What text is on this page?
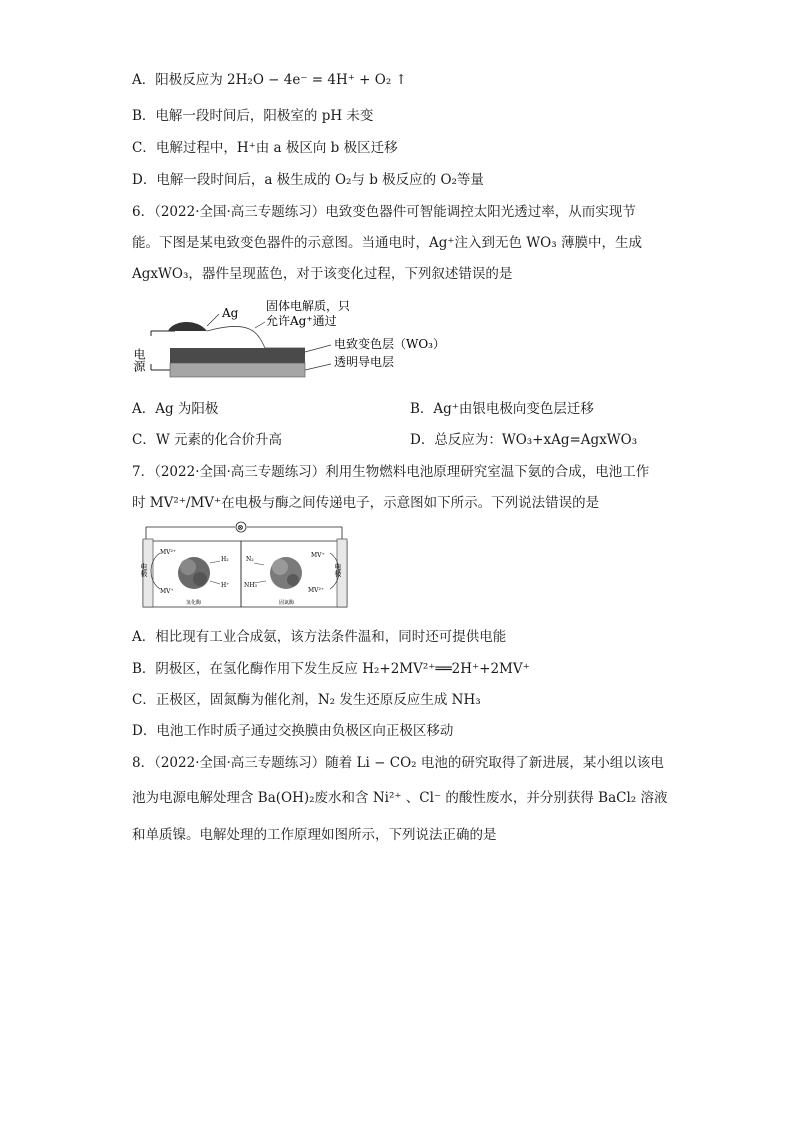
A．阳极反应为 2H₂O − 4e⁻ = 4H⁺ + O₂ ↑
B．电解一段时间后，阳极室的 pH 未变
C．电解过程中，H⁺由 a 极区向 b 极区迁移
D．电解一段时间后，a 极生成的 O₂与 b 极反应的 O₂等量
6．（2022·全国·高三专题练习）电致变色器件可智能调控太阳光透过率，从而实现节
能。下图是某电致变色器件的示意图。当通电时，Ag⁺注入到无色 WO₃ 薄膜中，生成
AgxWO₃，器件呈现蓝色，对于该变化过程，下列叙述错误的是
Ag 固体电解质，只
允许Ag⁺通过
电致变色层（WO₃）
透明导电层
电源
A．Ag 为阳极	B．Ag⁺由银电极向变色层迁移
C．W 元素的化合价升高	D．总反应为：WO₃+xAg=AgxWO₃
7．（2022·全国·高三专题练习）利用生物燃料电池原理研究室温下氨的合成，电池工作
时 MV²⁺/MV⁺在电极与酶之间传递电子，示意图如下所示。下列说法错误的是
⊗
电极	电极
MV²⁺
MV⁺
H₂
H⁺
氢化酶
N₂
NH₃
MV⁺
MV²⁺
固氮酶
A．相比现有工业合成氨，该方法条件温和，同时还可提供电能
B．阴极区，在氢化酶作用下发生反应 H₂+2MV²⁺══2H⁺+2MV⁺
C．正极区，固氮酶为催化剂，N₂ 发生还原反应生成 NH₃
D．电池工作时质子通过交换膜由负极区向正极区移动
8．（2022·全国·高三专题练习）随着 Li − CO₂ 电池的研究取得了新进展，某小组以该电
池为电源电解处理含 Ba(OH)₂废水和含 Ni²⁺ 、Cl⁻ 的酸性废水，并分别获得 BaCl₂ 溶液
和单质镍。电解处理的工作原理如图所示，下列说法正确的是
